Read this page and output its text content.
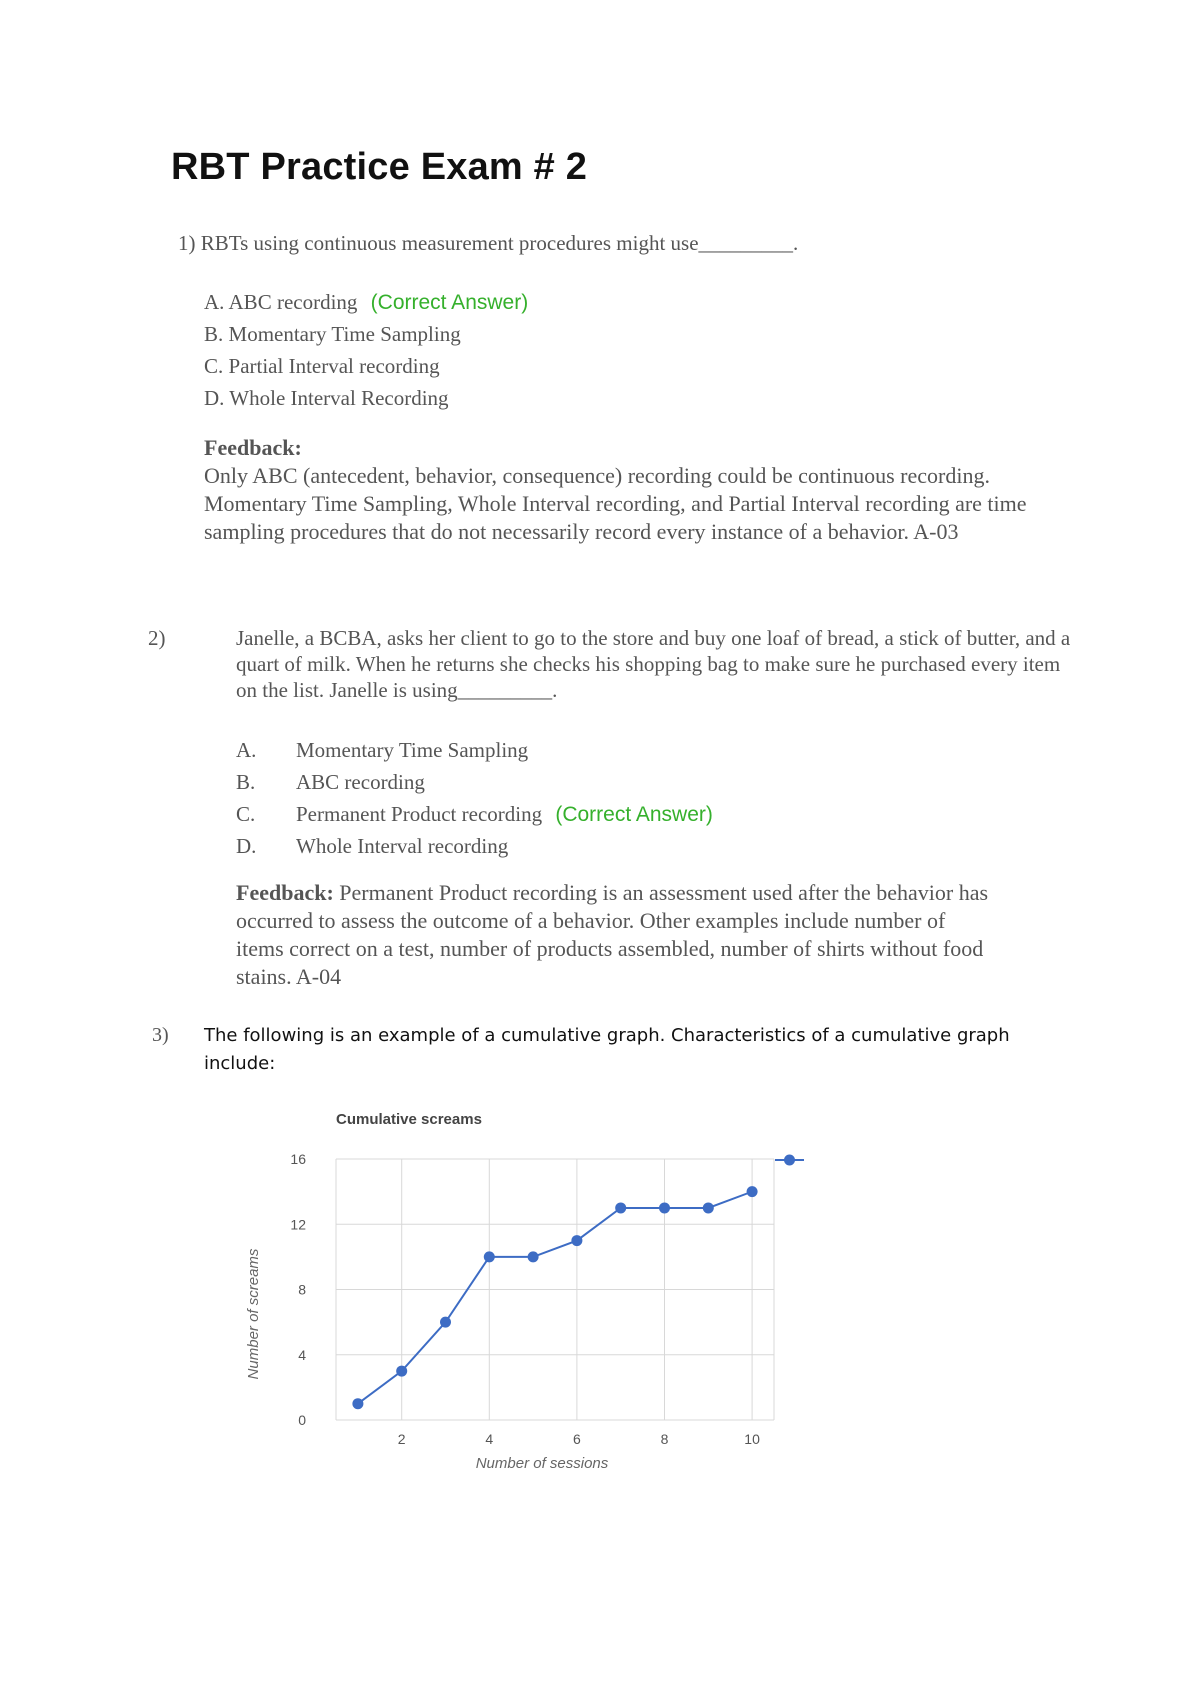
RBT Practice Exam # 2
1) RBTs using continuous measurement procedures might use_________.
A. ABC recording (Correct Answer)
B. Momentary Time Sampling
C. Partial Interval recording
D. Whole Interval Recording
Feedback:
Only ABC (antecedent, behavior, consequence) recording could be continuous recording. Momentary Time Sampling, Whole Interval recording, and Partial Interval recording are time sampling procedures that do not necessarily record every instance of a behavior. A-03
2)	Janelle, a BCBA, asks her client to go to the store and buy one loaf of bread, a stick of butter, and a quart of milk. When he returns she checks his shopping bag to make sure he purchased every item on the list. Janelle is using_________.
A. Momentary Time Sampling
B. ABC recording
C. Permanent Product recording (Correct Answer)
D. Whole Interval recording
Feedback: Permanent Product recording is an assessment used after the behavior has occurred to assess the outcome of a behavior. Other examples include number of items correct on a test, number of products assembled, number of shirts without food stains. A-04
3) The following is an example of a cumulative graph. Characteristics of a cumulative graph include:
Cumulative screams
0
4
8
12
16
2	4	6	8	10
Number of sessions
Number of screams
